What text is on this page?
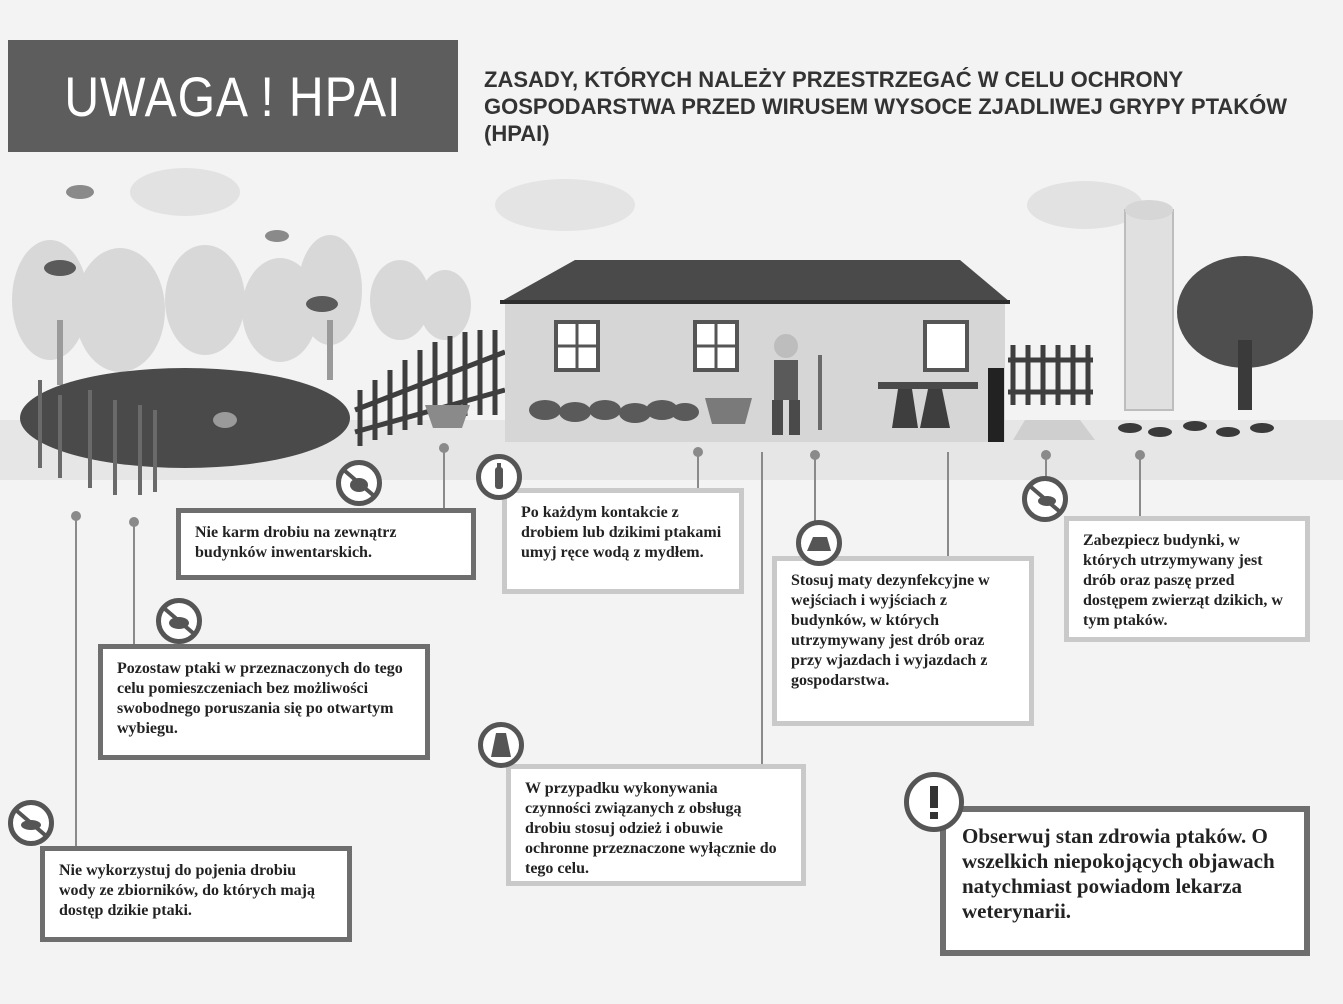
UWAGA ! HPAI	ZASADY, KTÓRYCH NALEŻY PRZESTRZEGAĆ W CELU OCHRONY GOSPODARSTWA PRZED WIRUSEM WYSOCE ZJADLIWEJ GRYPY PTAKÓW (HPAI)
Nie karm drobiu na zewnątrz budynków inwentarskich.
Po każdym kontakcie z drobiem lub dzikimi ptakami umyj ręce wodą z mydłem.
Stosuj maty dezynfekcyjne w wejściach i wyjściach z budynków, w których utrzymywany jest drób oraz przy wjazdach i wyjazdach z gospodarstwa.
Zabezpiecz budynki, w których utrzymywany jest drób oraz paszę przed dostępem zwierząt dzikich, w tym ptaków.
Pozostaw ptaki w przeznaczonych do tego celu pomieszczeniach bez możliwości swobodnego poruszania się po otwartym wybiegu.
W przypadku wykonywania czynności związanych z obsługą drobiu stosuj odzież i obuwie ochronne przeznaczone wyłącznie do tego celu.
Nie wykorzystuj do pojenia drobiu wody ze zbiorników, do których mają dostęp dzikie ptaki.
Obserwuj stan zdrowia ptaków. O wszelkich niepokojących objawach natychmiast powiadom lekarza weterynarii.
